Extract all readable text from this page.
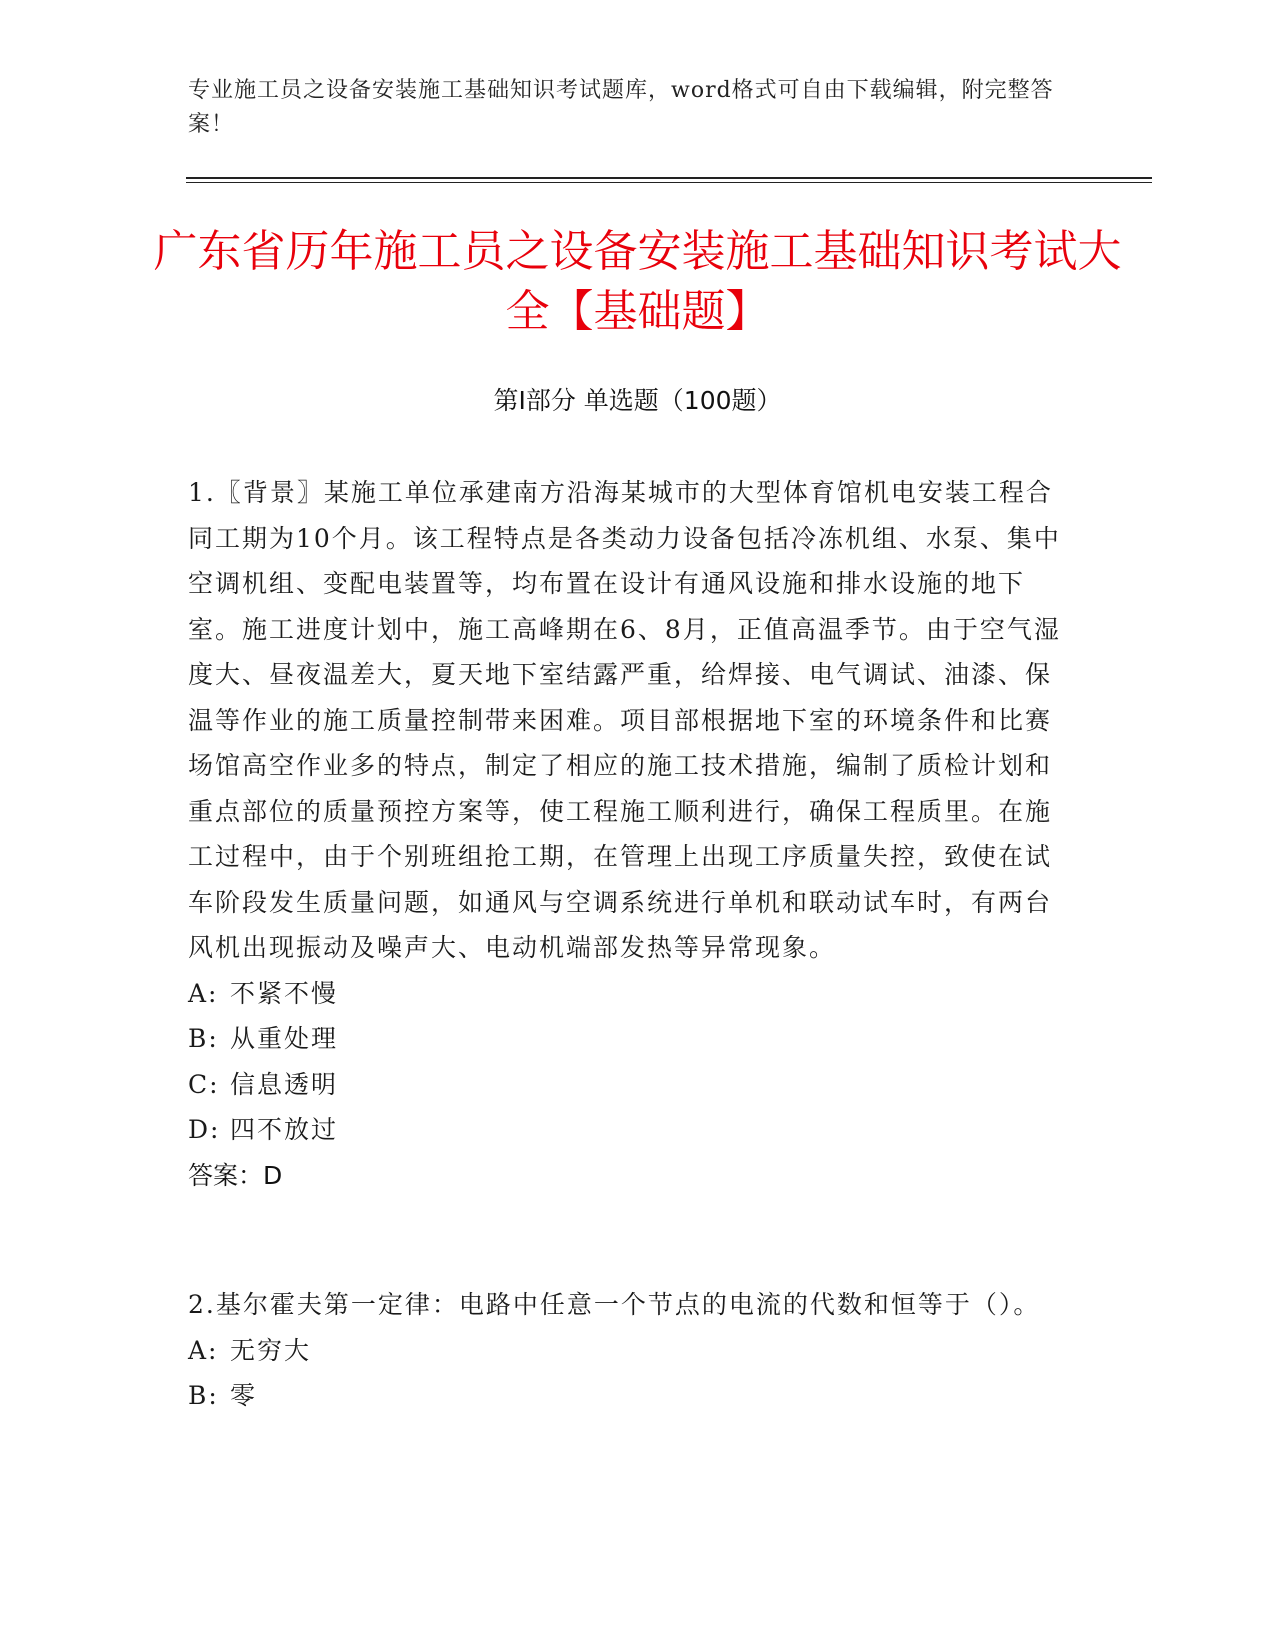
专业施工员之设备安装施工基础知识考试题库，word格式可自由下载编辑，附完整答案！
广东省历年施工员之设备安装施工基础知识考试大全【基础题】
第Ⅰ部分 单选题（100题）

1.〖背景〗某施工单位承建南方沿海某城市的大型体育馆机电安装工程合同工期为10个月。该工程特点是各类动力设备包括冷冻机组、水泵、集中空调机组、变配电装置等，均布置在设计有通风设施和排水设施的地下室。施工进度计划中，施工高峰期在6、8月，正值高温季节。由于空气湿度大、昼夜温差大，夏天地下室结露严重，给焊接、电气调试、油漆、保温等作业的施工质量控制带来困难。项目部根据地下室的环境条件和比赛场馆高空作业多的特点，制定了相应的施工技术措施，编制了质检计划和重点部位的质量预控方案等，使工程施工顺利进行，确保工程质里。在施工过程中，由于个别班组抢工期，在管理上出现工序质量失控，致使在试车阶段发生质量问题，如通风与空调系统进行单机和联动试车时，有两台风机出现振动及噪声大、电动机端部发热等异常现象。

A: 不紧不慢

B: 从重处理

C: 信息透明

D: 四不放过

答案：D

2.基尔霍夫第一定律：电路中任意一个节点的电流的代数和恒等于（）。

A: 无穷大

B: 零
